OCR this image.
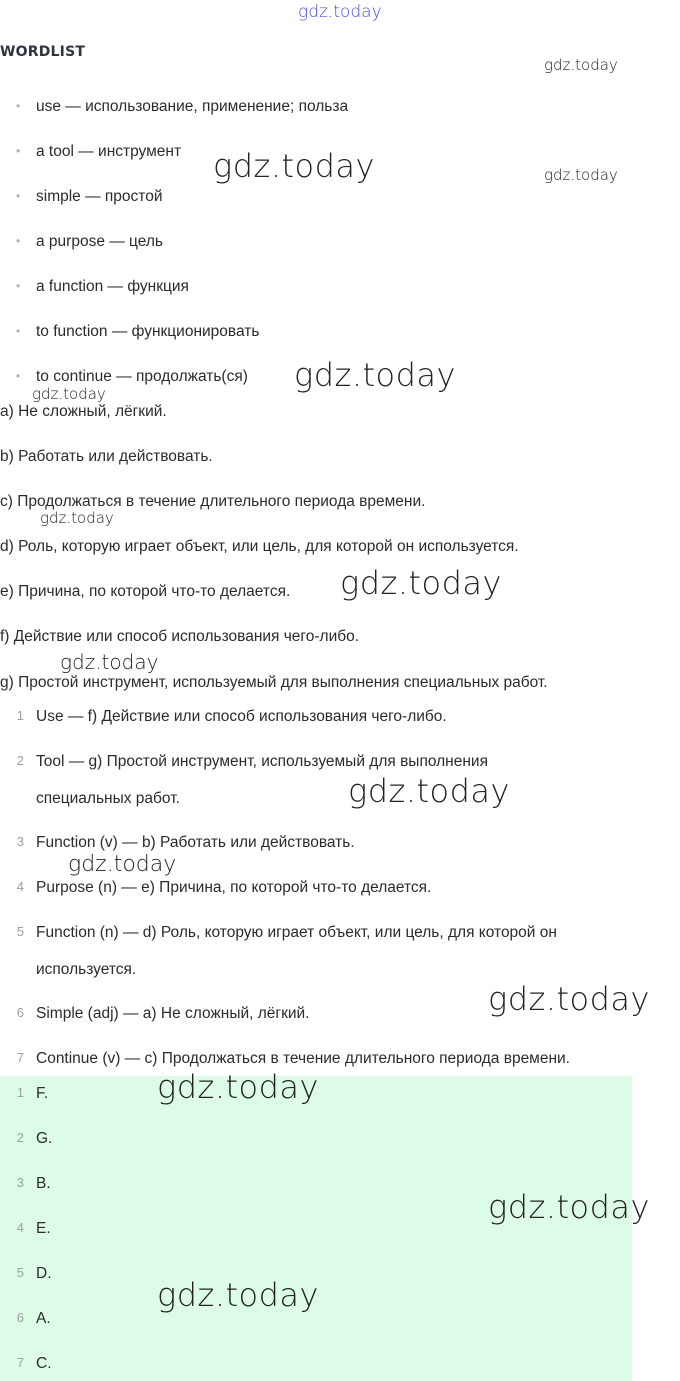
WORDLIST
• use — использование, применение; польза
• a tool — инструмент
• simple — простой
• a purpose — цель
• a function — функция
• to function — функционировать
• to continue — продолжать(ся)
a) Не сложный, лёгкий.
b) Работать или действовать.
c) Продолжаться в течение длительного периода времени.
d) Роль, которую играет объект, или цель, для которой он используется.
e) Причина, по которой что-то делается.
f) Действие или способ использования чего-либо.
g) Простой инструмент, используемый для выполнения специальных работ.
1 Use — f) Действие или способ использования чего-либо.
2 Tool — g) Простой инструмент, используемый для выполнения
специальных работ.
3 Function (v) — b) Работать или действовать.
4 Purpose (n) — e) Причина, по которой что-то делается.
5 Function (n) — d) Роль, которую играет объект, или цель, для которой он
используется.
6 Simple (adj) — a) Не сложный, лёгкий.
7 Continue (v) — c) Продолжаться в течение длительного периода времени.
1 F.
2 G.
3 B.
4 E.
5 D.
6 A.
7 C.
gdz.today
gdz.today
gdz.today	gdz.today
gdz.today
gdz.today
gdz.today
gdz.today
gdz.today
gdz.today
gdz.today
gdz.today
gdz.today
gdz.today
gdz.today
